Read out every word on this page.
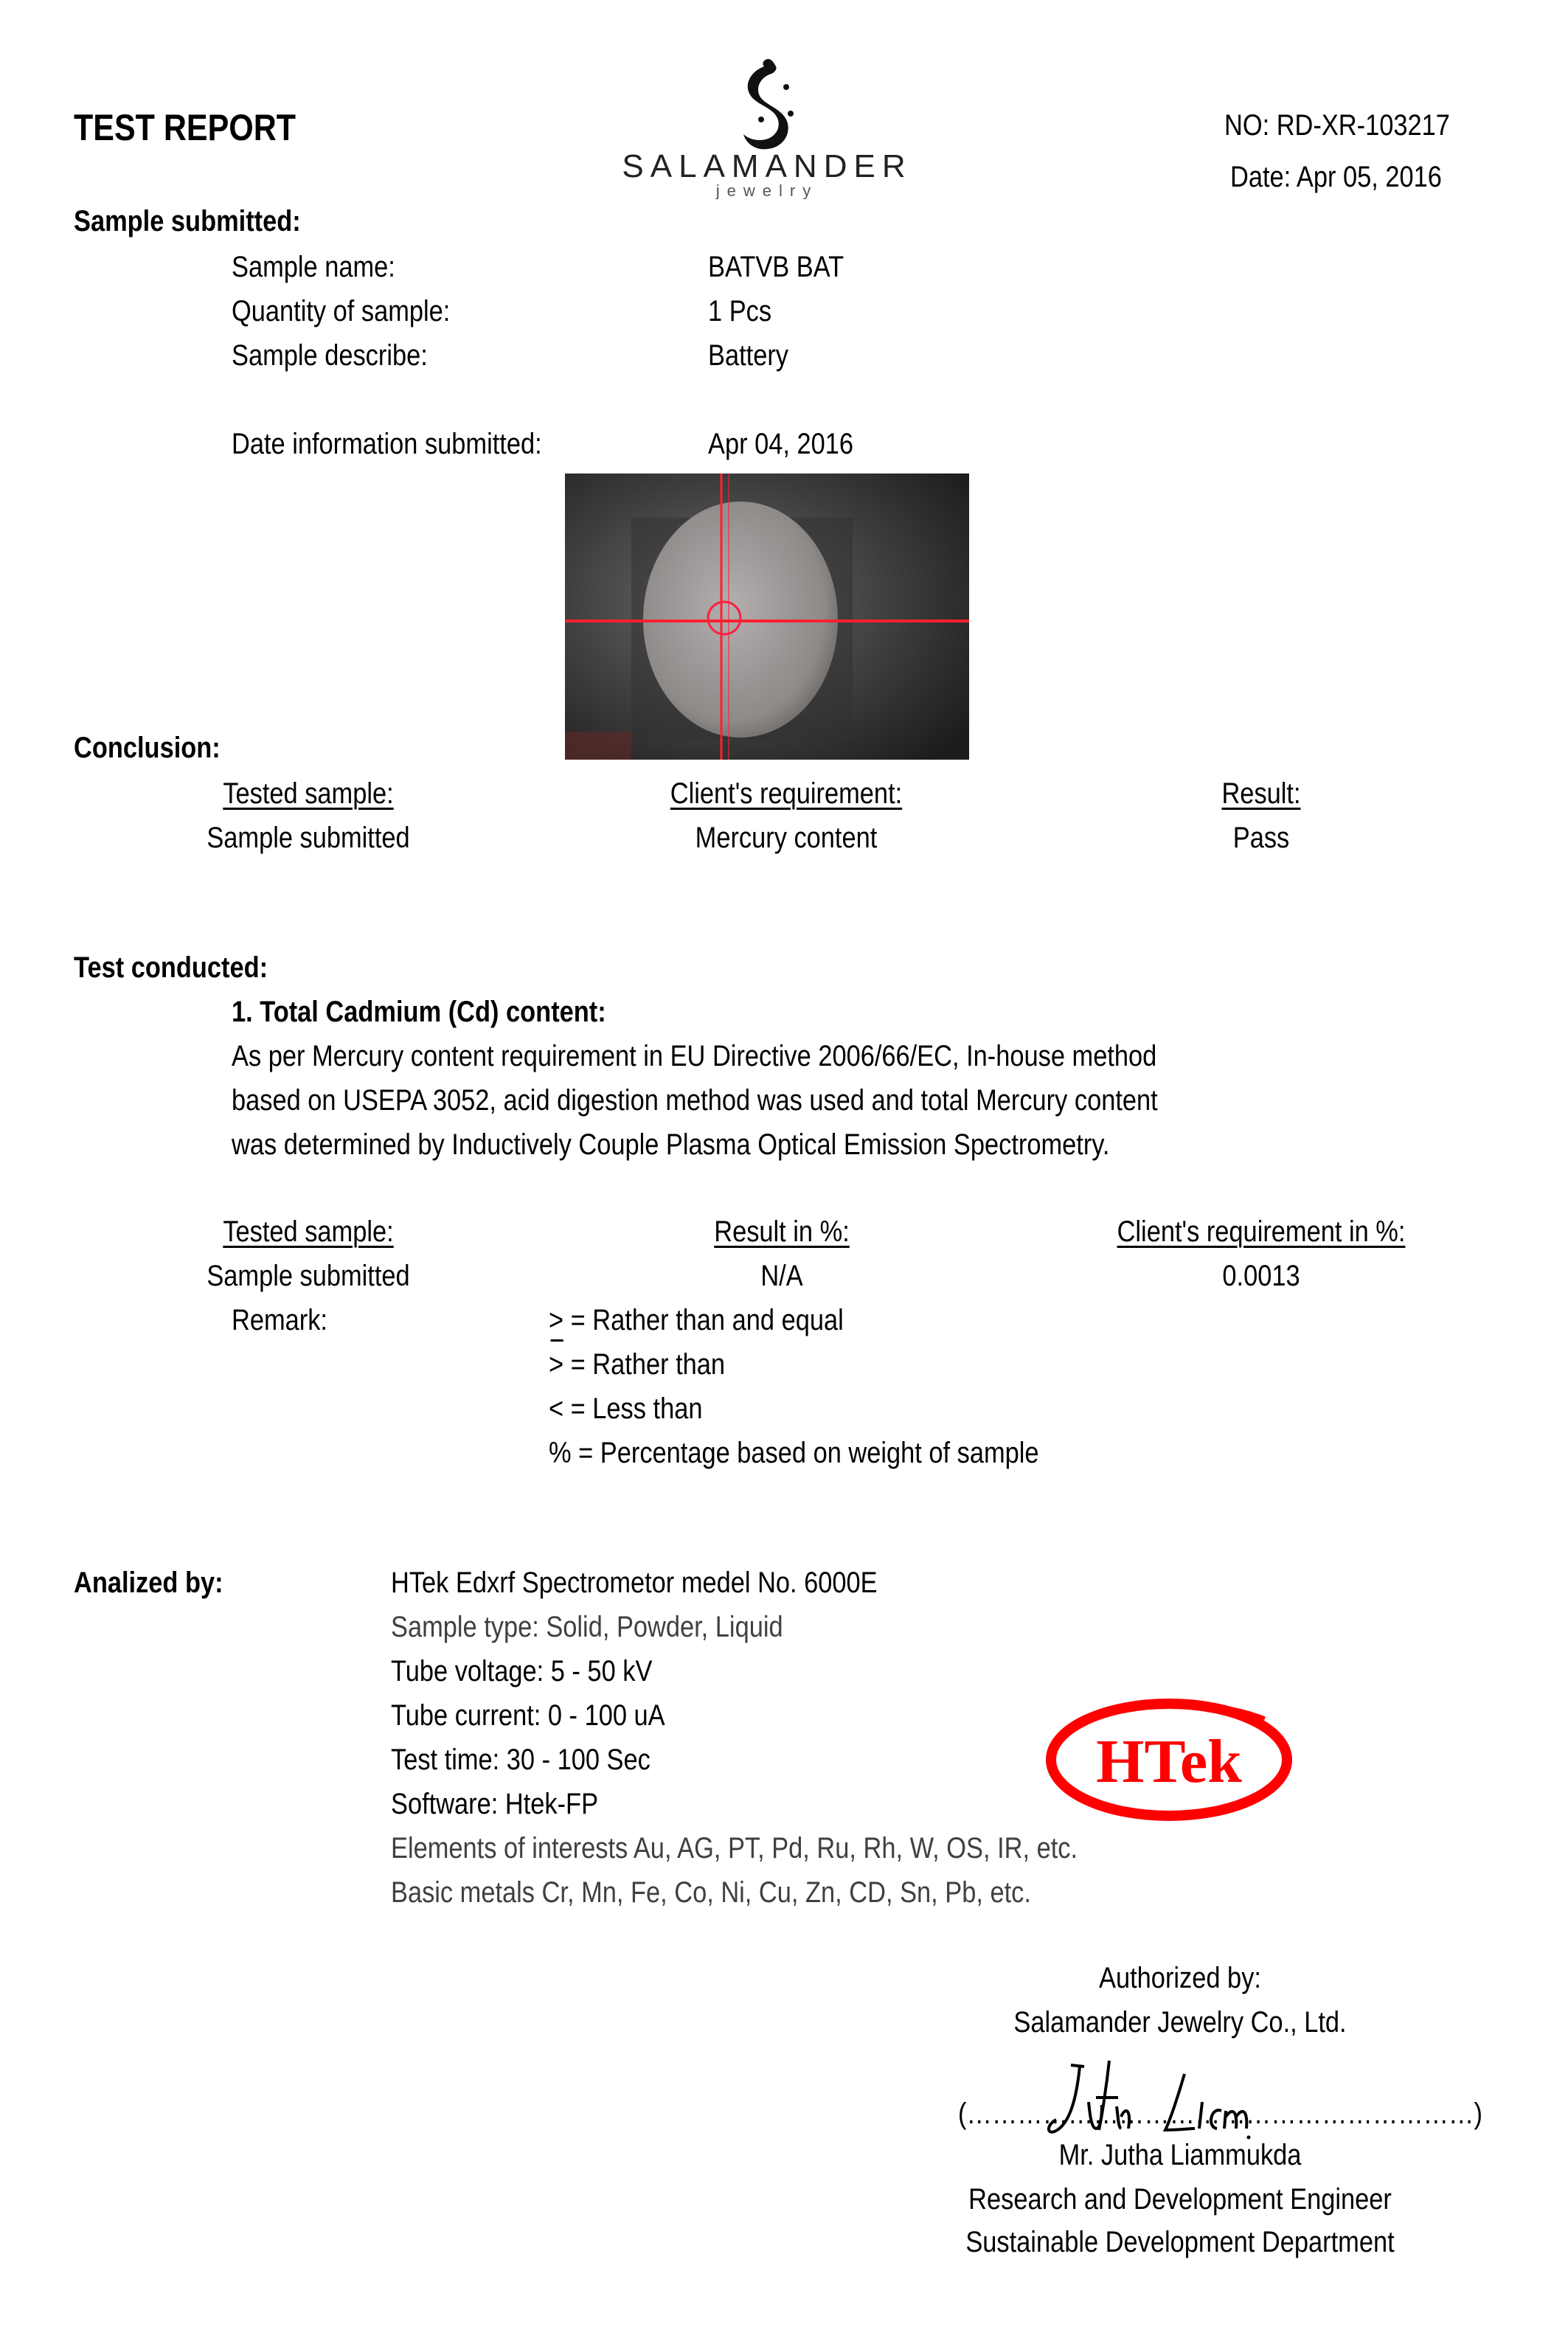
TEST REPORT
SALAMANDER
jewelry
NO: RD-XR-103217
Date: Apr 05, 2016
Sample submitted:
Sample name:	BATVB BAT
Quantity of sample:	1 Pcs
Sample describe:	Battery
Date information submitted:	Apr 04, 2016
Conclusion:
Tested sample:	Client's requirement:	Result:
Sample submitted	Mercury content	Pass
Test conducted:
1. Total Cadmium (Cd) content:
As per Mercury content requirement in EU Directive 2006/66/EC, In-house method
based on USEPA 3052, acid digestion method was used and total Mercury content
was determined by Inductively Couple Plasma Optical Emission Spectrometry.
Tested sample:	Result in %:	Client's requirement in %:
Sample submitted	N/A	0.0013
Remark:	> = Rather than and equal
> = Rather than
< = Less than
% = Percentage based on weight of sample
Analized by:	HTek Edxrf Spectrometor medel No. 6000E
Sample type: Solid, Powder, Liquid
Tube voltage: 5 - 50 kV
Tube current: 0 - 100 uA
Test time: 30 - 100 Sec
Software: Htek-FP
Elements of interests Au, AG, PT, Pd, Ru, Rh, W, OS, IR, etc.
Basic metals Cr, Mn, Fe, Co, Ni, Cu, Zn, CD, Sn, Pb, etc.
HTek
Authorized by:
Salamander Jewelry Co., Ltd.
(……………………………………………………)
Mr. Jutha Liammukda
Research and Development Engineer
Sustainable Development Department
